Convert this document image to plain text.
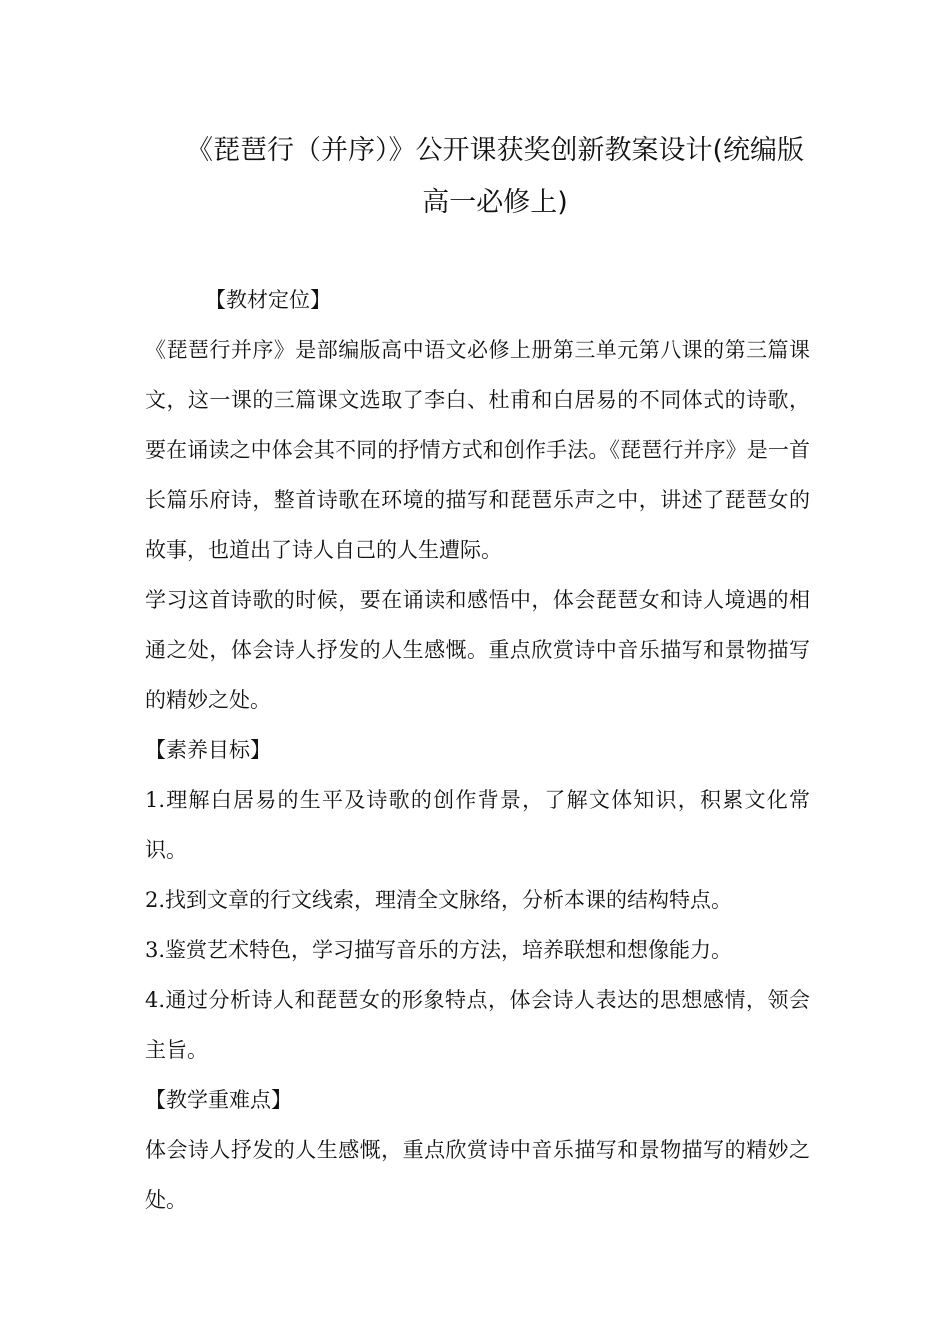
《琵琶行（并序）》公开课获奖创新教案设计(统编版
高一必修上)

【教材定位】

《琵琶行并序》是部编版高中语文必修上册第三单元第八课的第三篇课文，这一课的三篇课文选取了李白、杜甫和白居易的不同体式的诗歌，要在诵读之中体会其不同的抒情方式和创作手法。《琵琶行并序》是一首长篇乐府诗，整首诗歌在环境的描写和琵琶乐声之中，讲述了琵琶女的故事，也道出了诗人自己的人生遭际。

学习这首诗歌的时候，要在诵读和感悟中，体会琵琶女和诗人境遇的相通之处，体会诗人抒发的人生感慨。重点欣赏诗中音乐描写和景物描写的精妙之处。

【素养目标】

1.理解白居易的生平及诗歌的创作背景，了解文体知识，积累文化常识。

2.找到文章的行文线索，理清全文脉络，分析本课的结构特点。

3.鉴赏艺术特色，学习描写音乐的方法，培养联想和想像能力。

4.通过分析诗人和琵琶女的形象特点，体会诗人表达的思想感情，领会主旨。

【教学重难点】

体会诗人抒发的人生感慨，重点欣赏诗中音乐描写和景物描写的精妙之处。
